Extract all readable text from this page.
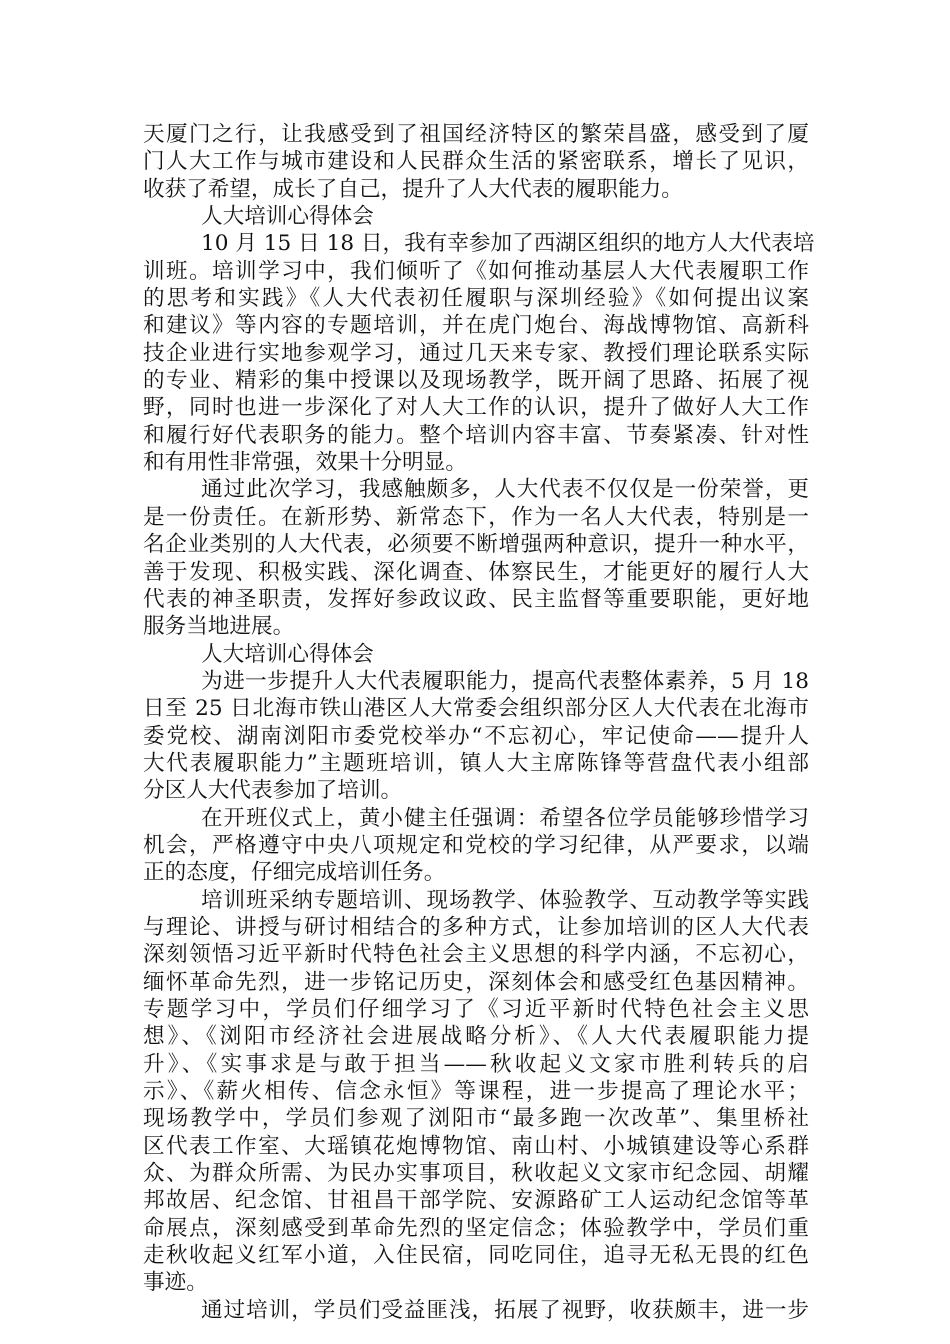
天厦门之行，让我感受到了祖国经济特区的繁荣昌盛，感受到了厦
门人大工作与城市建设和人民群众生活的紧密联系，增长了见识，
收获了希望，成长了自己，提升了人大代表的履职能力。
人大培训心得体会
10 月 15 日 18 日，我有幸参加了西湖区组织的地方人大代表培
训班。培训学习中，我们倾听了《如何推动基层人大代表履职工作
的思考和实践》《人大代表初任履职与深圳经验》《如何提出议案
和建议》等内容的专题培训，并在虎门炮台、海战博物馆、高新科
技企业进行实地参观学习，通过几天来专家、教授们理论联系实际
的专业、精彩的集中授课以及现场教学，既开阔了思路、拓展了视
野，同时也进一步深化了对人大工作的认识，提升了做好人大工作
和履行好代表职务的能力。整个培训内容丰富、节奏紧凑、针对性
和有用性非常强，效果十分明显。
通过此次学习，我感触颇多，人大代表不仅仅是一份荣誉，更
是一份责任。在新形势、新常态下，作为一名人大代表，特别是一
名企业类别的人大代表，必须要不断增强两种意识，提升一种水平，
善于发现、积极实践、深化调查、体察民生，才能更好的履行人大
代表的神圣职责，发挥好参政议政、民主监督等重要职能，更好地
服务当地进展。
人大培训心得体会
为进一步提升人大代表履职能力，提高代表整体素养，5 月 18
日至 25 日北海市铁山港区人大常委会组织部分区人大代表在北海市
委党校、湖南浏阳市委党校举办“不忘初心，牢记使命——提升人
大代表履职能力”主题班培训，镇人大主席陈锋等营盘代表小组部
分区人大代表参加了培训。
在开班仪式上，黄小健主任强调：希望各位学员能够珍惜学习
机会，严格遵守中央八项规定和党校的学习纪律，从严要求，以端
正的态度，仔细完成培训任务。
培训班采纳专题培训、现场教学、体验教学、互动教学等实践
与理论、讲授与研讨相结合的多种方式，让参加培训的区人大代表
深刻领悟习近平新时代特色社会主义思想的科学内涵，不忘初心，
缅怀革命先烈，进一步铭记历史，深刻体会和感受红色基因精神。
专题学习中，学员们仔细学习了《习近平新时代特色社会主义思
想》、《浏阳市经济社会进展战略分析》、《人大代表履职能力提
升》、《实事求是与敢于担当——秋收起义文家市胜利转兵的启
示》、《薪火相传、信念永恒》等课程，进一步提高了理论水平；
现场教学中，学员们参观了浏阳市“最多跑一次改革”、集里桥社
区代表工作室、大瑶镇花炮博物馆、南山村、小城镇建设等心系群
众、为群众所需、为民办实事项目，秋收起义文家市纪念园、胡耀
邦故居、纪念馆、甘祖昌干部学院、安源路矿工人运动纪念馆等革
命展点，深刻感受到革命先烈的坚定信念；体验教学中，学员们重
走秋收起义红军小道，入住民宿，同吃同住，追寻无私无畏的红色
事迹。
通过培训，学员们受益匪浅，拓展了视野，收获颇丰，进一步
